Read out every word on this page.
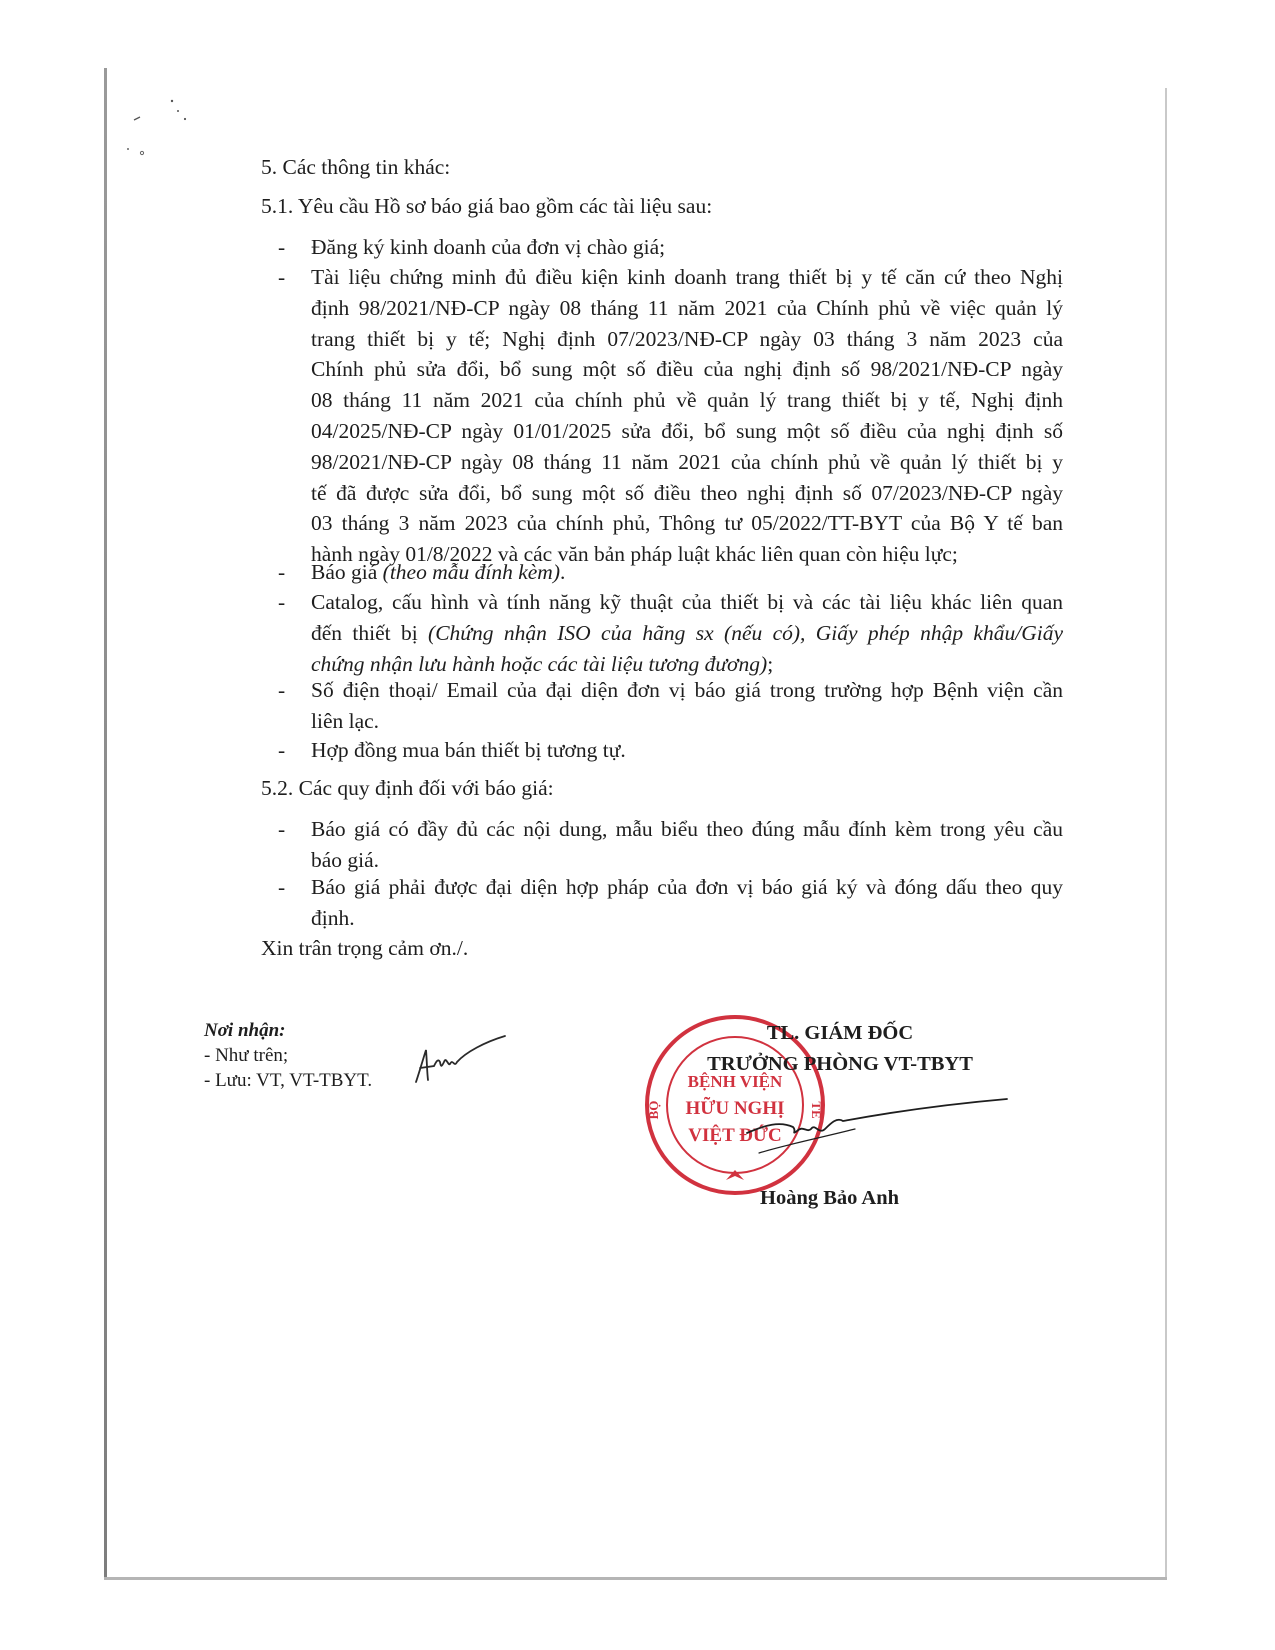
5. Các thông tin khác:
5.1. Yêu cầu Hồ sơ báo giá bao gồm các tài liệu sau:
- Đăng ký kinh doanh của đơn vị chào giá;
- Tài liệu chứng minh đủ điều kiện kinh doanh trang thiết bị y tế căn cứ theo Nghị
định 98/2021/NĐ-CP ngày 08 tháng 11 năm 2021 của Chính phủ về việc quản lý
trang thiết bị y tế; Nghị định 07/2023/NĐ-CP ngày 03 tháng 3 năm 2023 của
Chính phủ sửa đổi, bổ sung một số điều của nghị định số 98/2021/NĐ-CP ngày
08 tháng 11 năm 2021 của chính phủ về quản lý trang thiết bị y tế, Nghị định
04/2025/NĐ-CP ngày 01/01/2025 sửa đổi, bổ sung một số điều của nghị định số
98/2021/NĐ-CP ngày 08 tháng 11 năm 2021 của chính phủ về quản lý thiết bị y
tế đã được sửa đổi, bổ sung một số điều theo nghị định số 07/2023/NĐ-CP ngày
03 tháng 3 năm 2023 của chính phủ, Thông tư 05/2022/TT-BYT của Bộ Y tế ban
hành ngày 01/8/2022 và các văn bản pháp luật khác liên quan còn hiệu lực;
- Báo giá (theo mẫu đính kèm).
- Catalog, cấu hình và tính năng kỹ thuật của thiết bị và các tài liệu khác liên quan
đến thiết bị (Chứng nhận ISO của hãng sx (nếu có), Giấy phép nhập khẩu/Giấy
chứng nhận lưu hành hoặc các tài liệu tương đương);
- Số điện thoại/ Email của đại diện đơn vị báo giá trong trường hợp Bệnh viện cần
liên lạc.
- Hợp đồng mua bán thiết bị tương tự.
5.2. Các quy định đối với báo giá:
- Báo giá có đầy đủ các nội dung, mẫu biểu theo đúng mẫu đính kèm trong yêu cầu
báo giá.
- Báo giá phải được đại diện hợp pháp của đơn vị báo giá ký và đóng dấu theo quy
định.
Xin trân trọng cảm ơn./.
Nơi nhận:
- Như trên;
- Lưu: VT, VT-TBYT.	BỆNH VIỆN
HỮU NGHỊ
VIỆT ĐỨC
BỘ	TẾ
TL. GIÁM ĐỐC
TRƯỞNG PHÒNG VT-TBYT
Hoàng Bảo Anh
